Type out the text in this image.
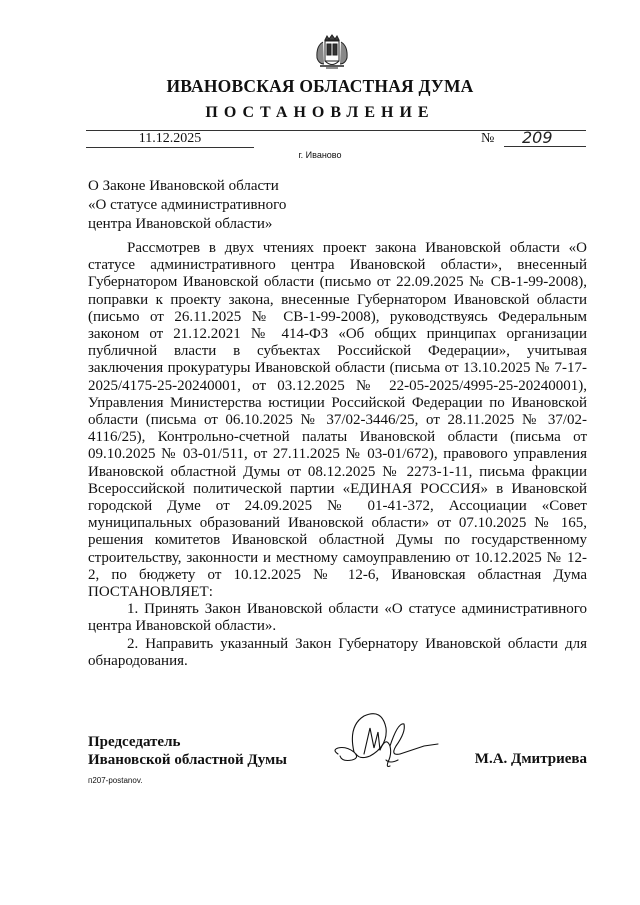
ИВАНОВСКАЯ ОБЛАСТНАЯ ДУМА
ПОСТАНОВЛЕНИЕ
11.12.2025	№	209
г. Иваново
О Законе Ивановской области
«О статусе административного
центра Ивановской области»

Рассмотрев в двух чтениях проект закона Ивановской области «О статусе административного центра Ивановской области», внесенный Губернатором Ивановской области (письмо от 22.09.2025 № СВ-1-99-2008), поправки к проекту закона, внесенные Губернатором Ивановской области (письмо от 26.11.2025 № СВ-1-99-2008), руководствуясь Федеральным законом от 21.12.2021 № 414-ФЗ «Об общих принципах организации публичной власти в субъектах Российской Федерации», учитывая заключения прокуратуры Ивановской области (письма от 13.10.2025 № 7-17-2025/4175-25-20240001, от 03.12.2025 № 22-05-2025/4995-25-20240001), Управления Министерства юстиции Российской Федерации по Ивановской области (письма от 06.10.2025 № 37/02-3446/25, от 28.11.2025 № 37/02-4116/25), Контрольно-счетной палаты Ивановской области (письма от 09.10.2025 № 03-01/511, от 27.11.2025 № 03-01/672), правового управления Ивановской областной Думы от 08.12.2025 № 2273-1-11, письма фракции Всероссийской политической партии «ЕДИНАЯ РОССИЯ» в Ивановской городской Думе от 24.09.2025 № 01-41-372, Ассоциации «Совет муниципальных образований Ивановской области» от 07.10.2025 № 165, решения комитетов Ивановской областной Думы по государственному строительству, законности и местному самоуправлению от 10.12.2025 № 12-2, по бюджету от 10.12.2025 № 12-6, Ивановская областная Дума ПОСТАНОВЛЯЕТ:

1. Принять Закон Ивановской области «О статусе административного центра Ивановской области».

2. Направить указанный Закон Губернатору Ивановской области для обнародования.

Председатель
Ивановской областной Думы	М.А. Дмитриева
п207-postanov.
